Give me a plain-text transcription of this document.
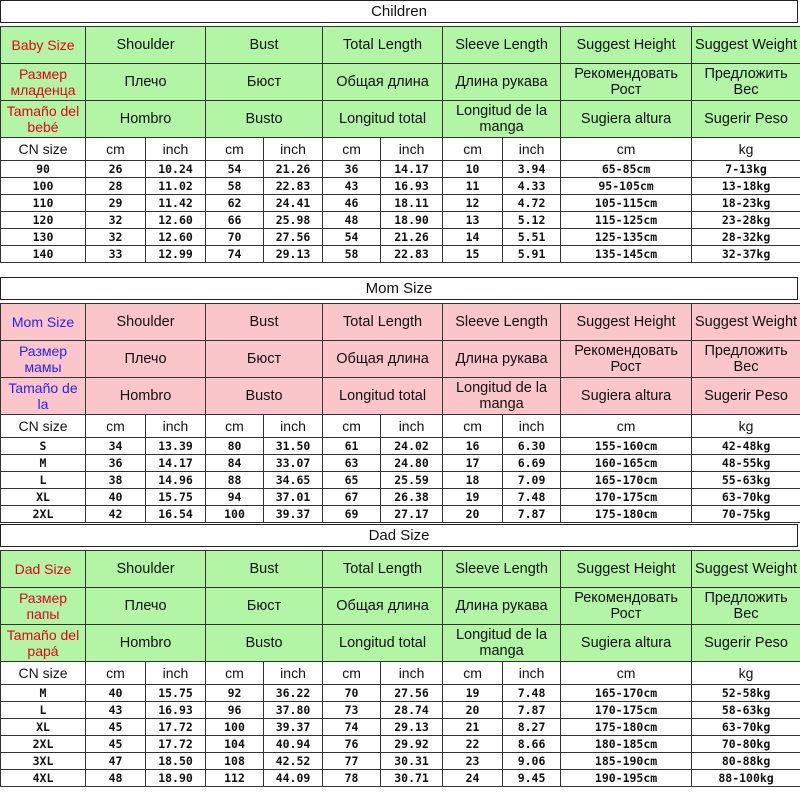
Children
Baby Size	Shoulder		Bust		Total Length		Sleeve Length		Suggest Height	Suggest Weight
Размер младенца	Плечо		Бюст		Общая длина		Длина рукава		Рекомендовать Рост	Предложить Вес
Tamaño del bebé	Hombro		Busto		Longitud total		Longitud de la manga		Sugiera altura	Sugerir Peso
CN size	cm	inch	cm	inch	cm	inch	cm	inch	cm	kg
90	26	10.24	54	21.26	36	14.17	10	3.94	65-85cm	7-13kg
100	28	11.02	58	22.83	43	16.93	11	4.33	95-105cm	13-18kg
110	29	11.42	62	24.41	46	18.11	12	4.72	105-115cm	18-23kg
120	32	12.60	66	25.98	48	18.90	13	5.12	115-125cm	23-28kg
130	32	12.60	70	27.56	54	21.26	14	5.51	125-135cm	28-32kg
140	33	12.99	74	29.13	58	22.83	15	5.91	135-145cm	32-37kg
Mom Size
Mom Size	Shoulder		Bust		Total Length		Sleeve Length		Suggest Height	Suggest Weight
Размер мамы	Плечо		Бюст		Общая длина		Длина рукава		Рекомендовать Рост	Предложить Вес
Tamaño de la	Hombro		Busto		Longitud total		Longitud de la manga		Sugiera altura	Sugerir Peso
CN size	cm	inch	cm	inch	cm	inch	cm	inch	cm	kg
S	34	13.39	80	31.50	61	24.02	16	6.30	155-160cm	42-48kg
M	36	14.17	84	33.07	63	24.80	17	6.69	160-165cm	48-55kg
L	38	14.96	88	34.65	65	25.59	18	7.09	165-170cm	55-63kg
XL	40	15.75	94	37.01	67	26.38	19	7.48	170-175cm	63-70kg
2XL	42	16.54	100	39.37	69	27.17	20	7.87	175-180cm	70-75kg
Dad Size
Dad Size	Shoulder		Bust		Total Length		Sleeve Length		Suggest Height	Suggest Weight
Размер папы	Плечо		Бюст		Общая длина		Длина рукава		Рекомендовать Рост	Предложить Вес
Tamaño del papá	Hombro		Busto		Longitud total		Longitud de la manga		Sugiera altura	Sugerir Peso
CN size	cm	inch	cm	inch	cm	inch	cm	inch	cm	kg
M	40	15.75	92	36.22	70	27.56	19	7.48	165-170cm	52-58kg
L	43	16.93	96	37.80	73	28.74	20	7.87	170-175cm	58-63kg
XL	45	17.72	100	39.37	74	29.13	21	8.27	175-180cm	63-70kg
2XL	45	17.72	104	40.94	76	29.92	22	8.66	180-185cm	70-80kg
3XL	47	18.50	108	42.52	77	30.31	23	9.06	185-190cm	80-88kg
4XL	48	18.90	112	44.09	78	30.71	24	9.45	190-195cm	88-100kg
